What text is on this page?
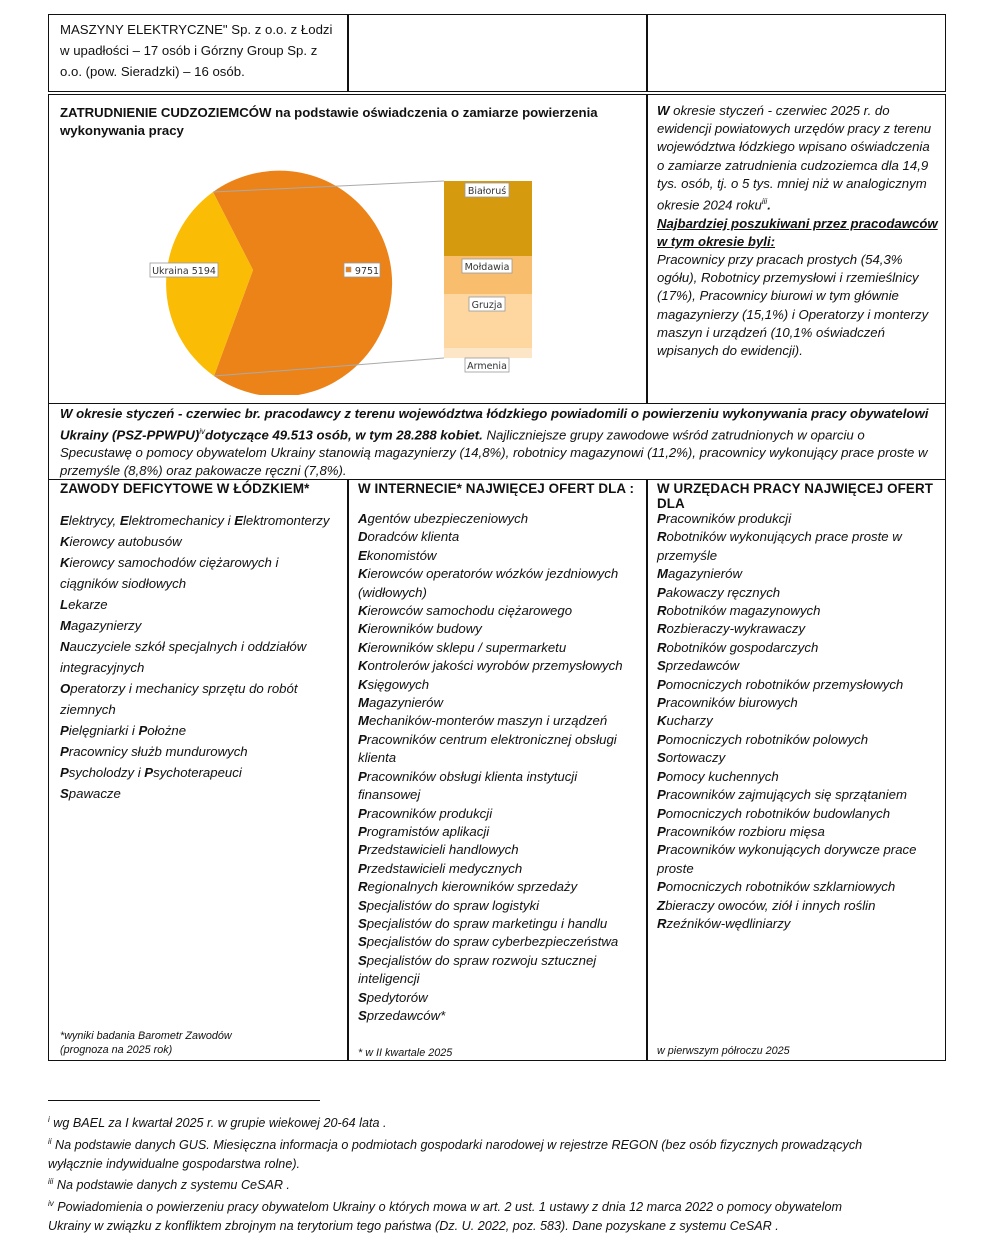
MASZYNY ELEKTRYCZNE" Sp. z o.o. z Łodzi w upadłości – 17 osób i Górzny Group Sp. z o.o. (pow. Sieradzki) – 16 osób.
ZATRUDNIENIE CUDZOZIEMCÓW na podstawie oświadczenia o zamiarze powierzenia wykonywania pracy
Ukraina 5194	9751
Białoruś
Mołdawia
Gruzja
Armenia
W okresie styczeń - czerwiec 2025 r. do ewidencji powiatowych urzędów pracy z terenu województwa łódzkiego wpisano oświadczenia o zamiarze zatrudnienia cudzoziemca dla 14,9 tys. osób, tj. o 5 tys. mniej niż w analogicznym okresie 2024 roku$^{iii}$.
Najbardziej poszukiwani przez pracodawców w tym okresie byli:
Pracownicy przy pracach prostych (54,3% ogółu), Robotnicy przemysłowi i rzemieślnicy (17%), Pracownicy biurowi w tym głównie magazynierzy (15,1%) i Operatorzy i monterzy maszyn i urządzeń (10,1% oświadczeń wpisanych do ewidencji).
W okresie styczeń - czerwiec br. pracodawcy z terenu województwa łódzkiego powiadomili o powierzeniu wykonywania pracy obywatelowi Ukrainy (PSZ-PPWPU)$^{iv}$dotyczące 49.513 osób, w tym 28.288 kobiet. Najliczniejsze grupy zawodowe wśród zatrudnionych w oparciu o Specustawę o pomocy obywatelom Ukrainy stanowią magazynierzy (14,8%), robotnicy magazynowi (11,2%), pracownicy wykonujący prace proste w przemyśle (8,8%) oraz pakowacze ręczni (7,8%).
ZAWODY DEFICYTOWE W ŁÓDZKIEM*
Elektrycy, Elektromechanicy i Elektromonterzy
Kierowcy autobusów
Kierowcy samochodów ciężarowych i ciągników siodłowych
Lekarze
Magazynierzy
Nauczyciele szkół specjalnych i oddziałów integracyjnych
Operatorzy i mechanicy sprzętu do robót ziemnych
Pielęgniarki i Położne
Pracownicy służb mundurowych
Psycholodzy i Psychoterapeuci
Spawacze
*wyniki badania Barometr Zawodów (prognoza na 2025 rok)
W INTERNECIE* NAJWIĘCEJ OFERT DLA :
Agentów ubezpieczeniowych
Doradców klienta
Ekonomistów
Kierowców operatorów wózków jezdniowych (widłowych)
Kierowców samochodu ciężarowego
Kierowników budowy
Kierowników sklepu / supermarketu
Kontrolerów jakości wyrobów przemysłowych
Księgowych
Magazynierów
Mechaników-monterów maszyn i urządzeń
Pracowników centrum elektronicznej obsługi klienta
Pracowników obsługi klienta instytucji finansowej
Pracowników produkcji
Programistów aplikacji
Przedstawicieli handlowych
Przedstawicieli medycznych
Regionalnych kierowników sprzedaży
Specjalistów do spraw logistyki
Specjalistów do spraw marketingu i handlu
Specjalistów do spraw cyberbezpieczeństwa
Specjalistów do spraw rozwoju sztucznej inteligencji
Spedytorów
Sprzedawców*
* w II kwartale 2025
W URZĘDACH PRACY NAJWIĘCEJ OFERT DLA
Pracowników produkcji
Robotników wykonujących prace proste w przemyśle
Magazynierów
Pakowaczy ręcznych
Robotników magazynowych
Rozbieraczy-wykrawaczy
Robotników gospodarczych
Sprzedawców
Pomocniczych robotników przemysłowych
Pracowników biurowych
Kucharzy
Pomocniczych robotników polowych
Sortowaczy
Pomocy kuchennych
Pracowników zajmujących się sprzątaniem
Pomocniczych robotników budowlanych
Pracowników rozbioru mięsa
Pracowników wykonujących dorywcze prace proste
Pomocniczych robotników szklarniowych
Zbieraczy owoców, ziół i innych roślin
Rzeźników-wędliniarzy
w pierwszym półroczu 2025
$^i$ wg BAEL za I kwartał 2025 r. w grupie wiekowej 20-64 lata .
$^{ii}$ Na podstawie danych GUS. Miesięczna informacja o podmiotach gospodarki narodowej w rejestrze REGON (bez osób fizycznych prowadzących wyłącznie indywidualne gospodarstwa rolne).
$^{iii}$ Na podstawie danych z systemu CeSAR .
$^{iv}$ Powiadomienia o powierzeniu pracy obywatelom Ukrainy o których mowa w art. 2 ust. 1 ustawy z dnia 12 marca 2022 o pomocy obywatelom Ukrainy w związku z konfliktem zbrojnym na terytorium tego państwa (Dz. U. 2022, poz. 583). Dane pozyskane z systemu CeSAR .
